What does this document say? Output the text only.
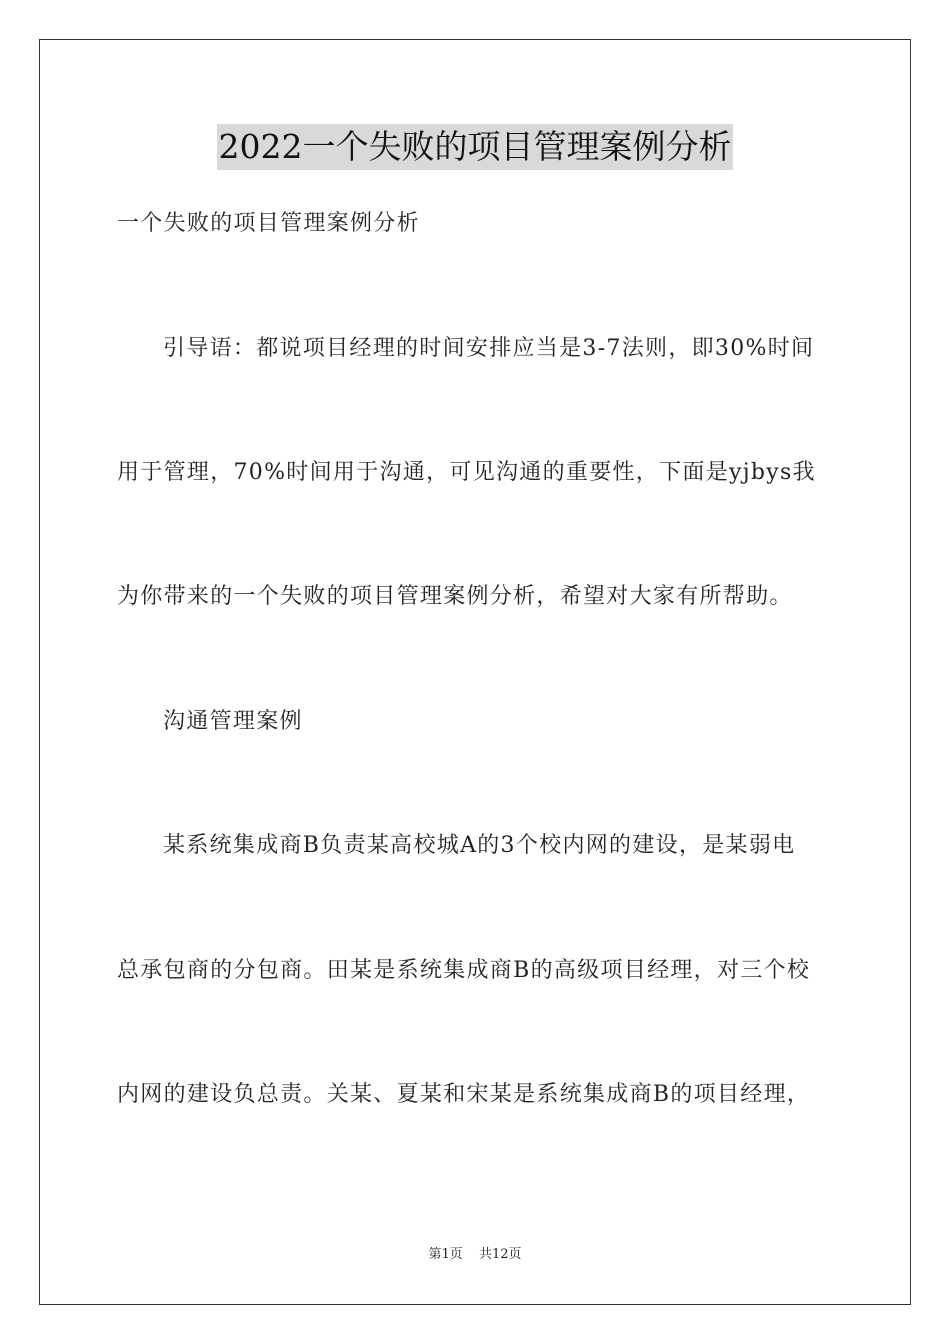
2022一个失败的项目管理案例分析
一个失败的项目管理案例分析
引导语：都说项目经理的时间安排应当是3-7法则，即30%时间
用于管理，70%时间用于沟通，可见沟通的重要性，下面是yjbys我
为你带来的一个失败的项目管理案例分析，希望对大家有所帮助。
沟通管理案例
某系统集成商B负责某高校城A的3个校内网的建设，是某弱电
总承包商的分包商。田某是系统集成商B的高级项目经理，对三个校
内网的建设负总责。关某、夏某和宋某是系统集成商B的项目经理，
第1页 共12页
